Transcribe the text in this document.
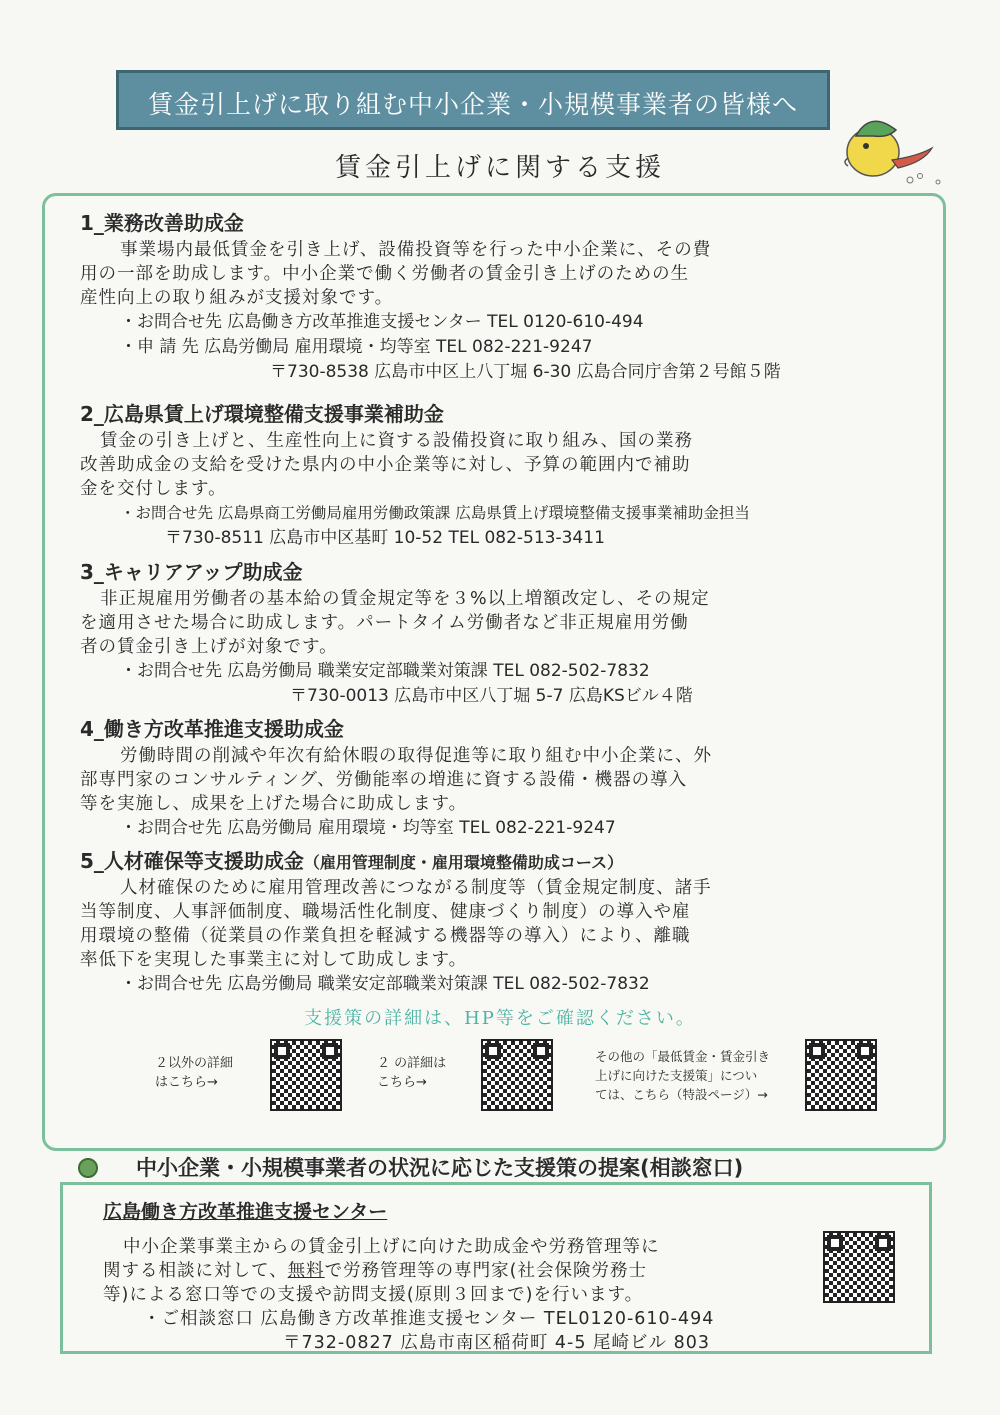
賃金引上げに取り組む中小企業・小規模事業者の皆様へ
賃金引上げに関する支援
1_業務改善助成金
事業場内最低賃金を引き上げ、設備投資等を行った中小企業に、その費
用の一部を助成します。中小企業で働く労働者の賃金引き上げのための生
産性向上の取り組みが支援対象です。
・お問合せ先 広島働き方改革推進支援センター TEL 0120-610-494
・申 請 先 広島労働局 雇用環境・均等室 TEL 082-221-9247
〒730-8538 広島市中区上八丁堀 6-30 広島合同庁舎第２号館５階
2_広島県賃上げ環境整備支援事業補助金
賃金の引き上げと、生産性向上に資する設備投資に取り組み、国の業務
改善助成金の支給を受けた県内の中小企業等に対し、予算の範囲内で補助
金を交付します。
・お問合せ先 広島県商工労働局雇用労働政策課 広島県賃上げ環境整備支援事業補助金担当
〒730-8511 広島市中区基町 10-52 TEL 082-513-3411
3_キャリアアップ助成金
非正規雇用労働者の基本給の賃金規定等を３%以上増額改定し、その規定
を適用させた場合に助成します。パートタイム労働者など非正規雇用労働
者の賃金引き上げが対象です。
・お問合せ先 広島労働局 職業安定部職業対策課 TEL 082-502-7832
〒730-0013 広島市中区八丁堀 5-7 広島KSビル４階
4_働き方改革推進支援助成金
労働時間の削減や年次有給休暇の取得促進等に取り組む中小企業に、外
部専門家のコンサルティング、労働能率の増進に資する設備・機器の導入
等を実施し、成果を上げた場合に助成します。
・お問合せ先 広島労働局 雇用環境・均等室 TEL 082-221-9247
5_人材確保等支援助成金（雇用管理制度・雇用環境整備助成コース）
人材確保のために雇用管理改善につながる制度等（賃金規定制度、諸手
当等制度、人事評価制度、職場活性化制度、健康づくり制度）の導入や雇
用環境の整備（従業員の作業負担を軽減する機器等の導入）により、離職
率低下を実現した事業主に対して助成します。
・お問合せ先 広島労働局 職業安定部職業対策課 TEL 082-502-7832
支援策の詳細は、HP等をご確認ください。
２以外の詳細
はこちら→
２ の詳細は
こちら→
その他の「最低賃金・賃金引き
上げに向けた支援策」につい
ては、こちら（特設ページ）→
中小企業・小規模事業者の状況に応じた支援策の提案(相談窓口)
広島働き方改革推進支援センター
中小企業事業主からの賃金引上げに向けた助成金や労務管理等に
関する相談に対して、無料で労務管理等の専門家(社会保険労務士
等)による窓口等での支援や訪問支援(原則３回まで)を行います。
・ご相談窓口 広島働き方改革推進支援センター TEL0120-610-494
〒732-0827 広島市南区稲荷町 4-5 尾崎ビル 803
